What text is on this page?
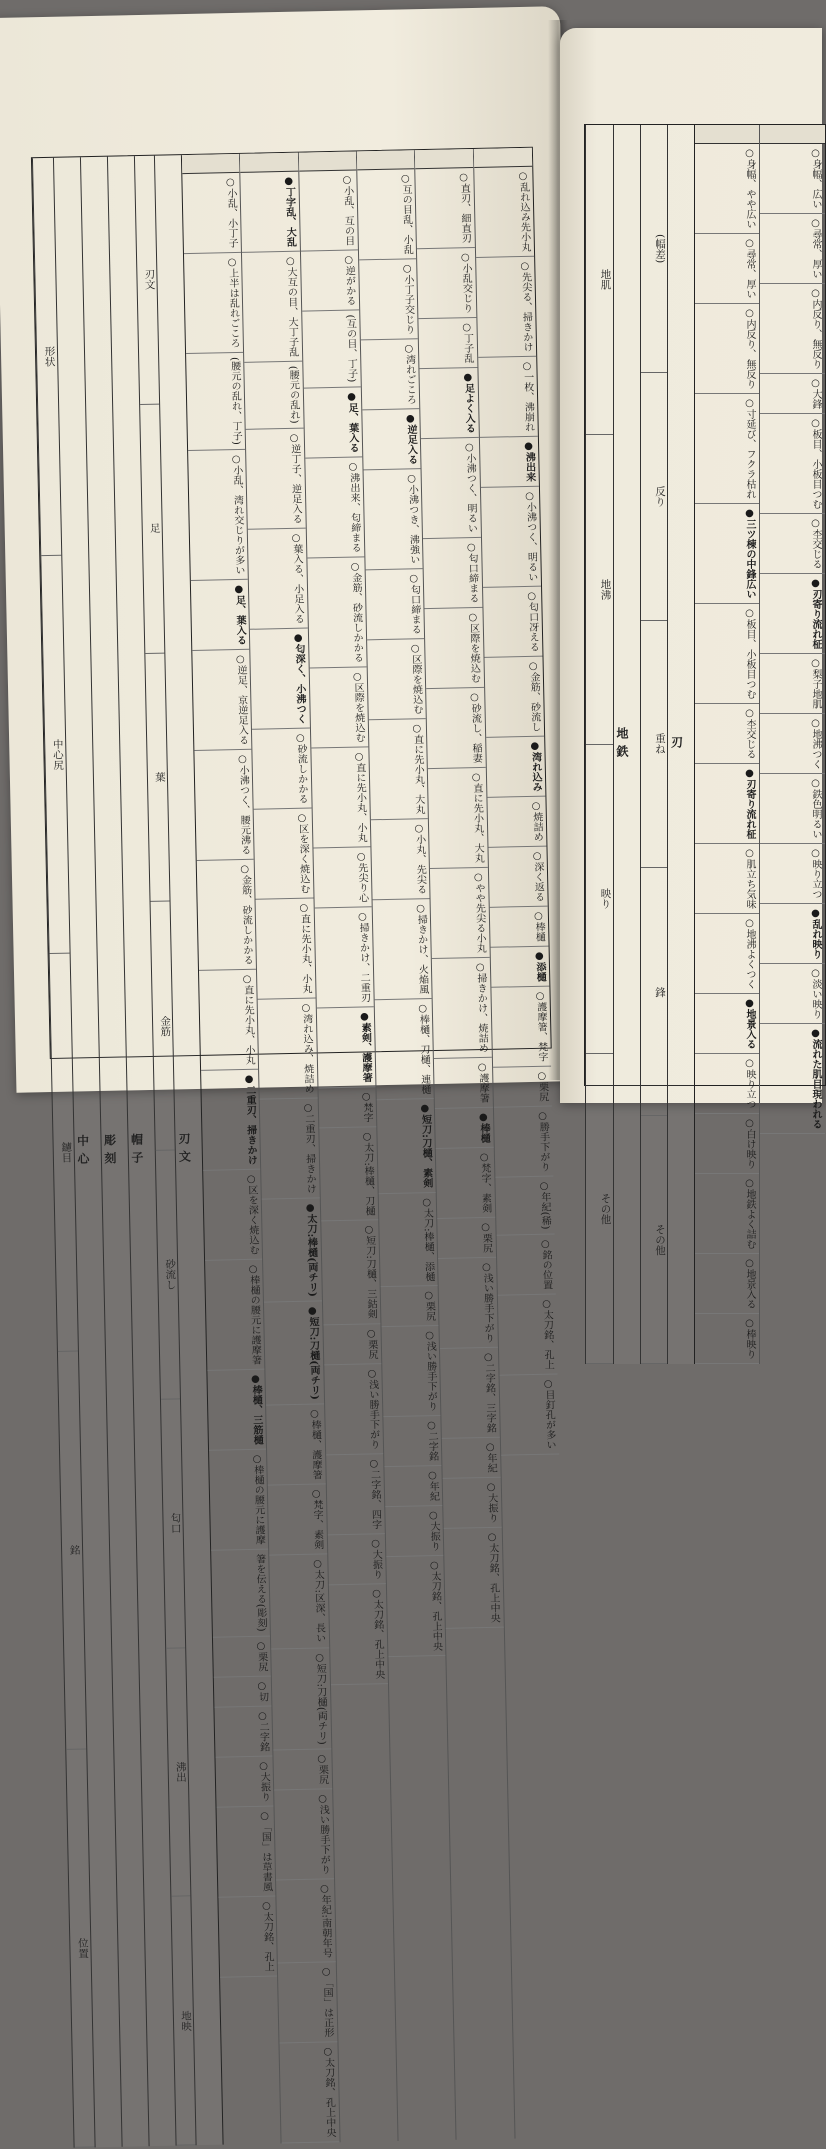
刃文
刃文
足
葉
金筋
砂流し
匂口
沸出
地映
帽子
彫刻
中心
形状
中心尻
鑢目
銘
位置
○小乱、小丁子
○上半は乱れごころ
(腰元の乱れ、丁子)
○小乱、湾れ交じりが多い
●足、葉入る
○逆足、京逆足入る
○小沸つく、腰元沸る
○金筋、砂流しかかる
○直に先小丸、小丸
●二重刃、掃きかけ
○区を深く焼込む
○棒樋の腰元に護摩箸
●棒樋、三筋樋
○棒樋の腰元に護摩
箸を伝える(彫刻)
○栗尻
○切
○二字銘
○大振り
○「国」は草書風
○太刀銘、孔上
●丁字乱、大乱
○大互の目、大丁子乱
(腰元の乱れ)
○逆丁子、逆足入る
○葉入る、小足入る
●匂深く、小沸つく
○砂流しかかる
○区を深く焼込む
○直に先小丸、小丸
○湾れ込み、焼詰め
○二重刃、掃きかけ
●太刀:棒樋(両チリ)
●短刀:刀樋(両チリ)
○棒樋、護摩箸
○梵字、素剣
○太刀:区深、長い
○短刀:刀樋(両チリ)
○栗尻
○浅い勝手下がり
○年紀:南朝年号
○「国」は正形
○太刀銘、孔上中央
○小乱、互の目
○逆がかる
(互の目、丁子)
●足、葉入る
○沸出来、匂締まる
○金筋、砂流しかかる
○区際を焼込む
○直に先小丸、小丸
○先尖り心
○掃きかけ、二重刃
●素剣、護摩箸
○梵字
○太刀:棒樋、刀樋
○短刀:刀樋、三鈷剣
○栗尻
○浅い勝手下がり
○二字銘、四字
○大振り
○太刀銘、孔上中央
○互の目乱、小乱
○小丁子交じり
○湾れごころ
●逆足入る
○小沸つき、沸強い
○匂口締まる
○区際を焼込む
○直に先小丸、大丸
○小丸、先尖る
○掃きかけ、火焔風
○棒樋、刀樋、連樋
●短刀:刀樋、素剣
○太刀:棒樋、添樋
○栗尻
○浅い勝手下がり
○二字銘
○年紀
○大振り
○太刀銘、孔上中央
○直刃、細直刃
○小乱交じり
○丁子乱
●足よく入る
○小沸つく、明るい
○匂口締まる
○区際を焼込む
○砂流し、稲妻
○直に先小丸、大丸
○やや先尖る小丸
○掃きかけ、焼詰め
○護摩箸
●棒樋
○梵字、素剣
○栗尻
○浅い勝手下がり
○二字銘、三字銘
○年紀
○大振り
○太刀銘、孔上中央
○乱れ込み先小丸
○先尖る、掃きかけ
○一枚、沸崩れ
●沸出来
○小沸つく、明るい
○匂口冴える
○金筋、砂流し
●湾れ込み
○焼詰め
○深く返る
○棒樋
●添樋
○護摩箸、梵字
○栗尻
○勝手下がり
○年紀(稀)
○銘の位置
○太刀銘、孔上
○目釘孔が多い
刃
(幅差)
反り
重ね
鋒
その他
地鉄
地肌
地沸
映り
その他
○身幅、やや広い
○尋常、厚い
○内反り、無反り
○寸延び、フクラ枯れ
●三ツ棟の中鋒広い
○板目、小板目つむ
○杢交じる
●刃寄り流れ柾
○肌立ち気味
○地沸よくつく
●地景入る
○映り立つ
○白け映り
○地鉄よく詰む
○地景入る
○棒映り
○身幅、広い
○尋常、厚い
○内反り、無反り
○大鋒
○板目、小板目つむ
○杢交じる
●刃寄り流れ柾
○梨子地肌
○地沸つく
○鉄色明るい
○映り立つ
●乱れ映り
○淡い映り
●流れた肌目現われる
